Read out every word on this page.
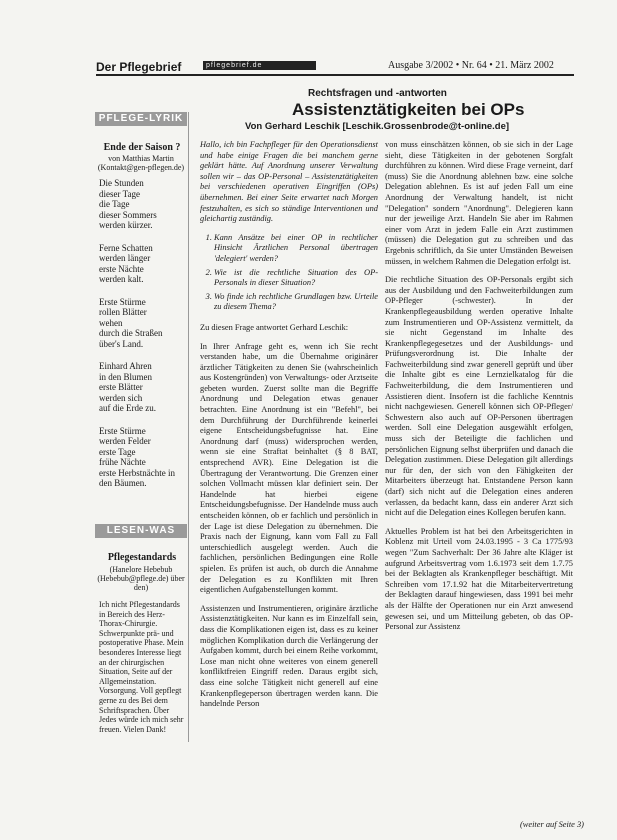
Der Pflegebrief	pflegebrief.de	Ausgabe 3/2002 • Nr. 64 • 21. März 2002
PFLEGE-LYRIK
Ende der Saison ?
von Matthias Martin (Kontakt@gen-pflegen.de)

Die Stunden
dieser Tage
die Tage
dieser Sommers
werden kürzer.

Ferne Schatten
werden länger
erste Nächte
werden kalt.

Erste Stürme
rollen Blätter
wehen
durch die Straßen
über's Land.

Einhard Ahren
in den Blumen
erste Blätter
werden sich
auf die Erde zu.

Erste Stürme
werden Felder
erste Tage
frühe Nächte
erste Herbstnächte in
den Bäumen.

LESEN-WAS
Pflegestandards
(Hanelore Hebebub (Hebebub@pflege.de) über den)
Ich nicht Pflegestandards in Bereich des Herz-Thorax-Chirurgie. Schwerpunkte prä- und postoperative Phase. Mein besonderes Interesse liegt an der chirurgischen Situation, Seite auf der Allgemeinstation. Vorsorgung. Voll gepflegt gerne zu des Bei dem Schriftsprachen. Über Jedes würde ich mich sehr freuen. Vielen Dank!
Rechtsfragen und -antworten
Assistenztätigkeiten bei OPs
Von Gerhard Leschik [Leschik.Grossenbrode@t-online.de]

Hallo, ich bin Fachpfleger für den Operationsdienst und habe einige Fragen die bei manchem gerne geklärt hätte. Auf Anordnung unserer Verwaltung sollen wir – das OP-Personal – Assistenztätigkeiten bei verschiedenen operativen Eingriffen (OPs) übernehmen. Bei einer Seite erwartet nach Morgen festzuhalten, es sich so ständige Interventionen und gleichartig zuständig.

1. Kann Ansätze bei einer OP in rechtlicher Hinsicht Ärztlichen Personal übertragen 'delegiert' werden?
2. Wie ist die rechtliche Situation des OP-Personals in dieser Situation?
3. Wo finde ich rechtliche Grundlagen bzw. Urteile zu diesem Thema?

Zu diesen Frage antwortet Gerhard Leschik:

In Ihrer Anfrage geht es, wenn ich Sie recht verstanden habe, um die Übernahme originärer ärztlicher Tätigkeiten zu denen Sie (wahrscheinlich aus Kostengründen) von Verwaltungs- oder Arztseite gebeten wurden. Zuerst sollte man die Begriffe Anordnung und Delegation etwas genauer betrachten. Eine Anordnung ist ein "Befehl", bei dem Durchführung der Durchführende keinerlei eigene Entscheidungsbefugnisse hat. Eine Anordnung darf (muss) widersprochen werden, wenn sie eine Straftat beinhaltet (§ 8 BAT, entsprechend AVR). Eine Delegation ist die Übertragung der Verantwortung. Die Grenzen einer solchen Vollmacht müssen klar definiert sein. Der Handelnde hat hierbei eigene Entscheidungsbefugnisse. Der Handelnde muss auch entscheiden können, ob er fachlich und persönlich in der Lage ist diese Delegation zu übernehmen. Die Praxis nach der Eignung, kann vom Fall zu Fall unterschiedlich ausgelegt werden. Auch die fachlichen, persönlichen Bedingungen eine Rolle spielen. Es prüfen ist auch, ob durch die Annahme der Delegation es zu Konflikten mit Ihren eigentlichen Aufgabenstellungen kommt.

Assistenzen und Instrumentieren, originäre ärztliche Assistenztätigkeiten. Nur kann es im Einzelfall sein, dass die Komplikationen eigen ist, dass es zu keiner möglichen Komplikation durch die Verlängerung der Aufgaben kommt, durch bei einem Reihe vorkommt, Lose man nicht ohne weiteres von einem generell konfliktfreien Eingriff reden. Daraus ergibt sich, dass eine solche Tätigkeit nicht generell auf eine Krankenpflegeperson übertragen werden kann. Die handelnde Person

von muss einschätzen können, ob sie sich in der Lage sieht, diese Tätigkeiten in der gebotenen Sorgfalt durchführen zu können. Wird diese Frage verneint, darf (muss) Sie die Anordnung ablehnen bzw. eine solche Delegation ablehnen. Es ist auf jeden Fall um eine Anordnung der Verwaltung handelt, ist nicht "Delegation" sondern "Anordnung". Delegieren kann nur der jeweilige Arzt. Handeln Sie aber im Rahmen einer vom Arzt in jedem Falle ein Arzt zustimmen (müssen) die Delegation gut zu schreiben und das Ergebnis schriftlich, da Sie unter Umständen Beweisen müssen, in welchem Rahmen die Delegation erfolgt ist.

Die rechtliche Situation des OP-Personals ergibt sich aus der Ausbildung und den Fachweiterbildungen zum OP-Pfleger (-schwester). In der Krankenpflegeausbildung werden operative Inhalte zum Instrumentieren und OP-Assistenz vermittelt, da sie nicht Gegenstand im Inhalte des Krankenpflegegesetzes und der Ausbildungs- und Prüfungsverordnung ist. Die Inhalte der Fachweiterbildung sind zwar generell geprüft und über die Inhalte gibt es eine Lernzielkatalog für die Fachweiterbildung, die dem Instrumentieren und Assistieren dient. Insofern ist die fachliche Kenntnis nicht nachgewiesen. Generell können sich OP-Pfleger/ Schwestern also auch auf OP-Personen übertragen werden. Soll eine Delegation ausgewählt erfolgen, muss sich der Beteiligte die fachlichen und persönlichen Eignung selbst überprüfen und danach die Delegation zustimmen. Diese Delegation gilt allerdings nur für den, der sich von den Fähigkeiten der Mitarbeiters überzeugt hat. Entstandene Person kann (darf) sich nicht auf die Delegation eines anderen verlassen, da bedacht kann, dass ein anderer Arzt sich nicht auf die Delegation eines Kollegen berufen kann.

Aktuelles Problem ist hat bei den Arbeitsgerichten in Koblenz mit Urteil vom 24.03.1995 - 3 Ca 1775/93 wegen "Zum Sachverhalt: Der 36 Jahre alte Kläger ist aufgrund Arbeitsvertrag vom 1.6.1973 seit dem 1.7.75 bei der Beklagten als Krankenpfleger beschäftigt. Mit Schreiben vom 17.1.92 hat die Mitarbeitervertretung der Beklagten darauf hingewiesen, dass 1991 bei mehr als der Hälfte der Operationen nur ein Arzt anwesend gewesen sei, und um Mitteilung gebeten, ob das OP-Personal zur Assistenz

(weiter auf Seite 3)
